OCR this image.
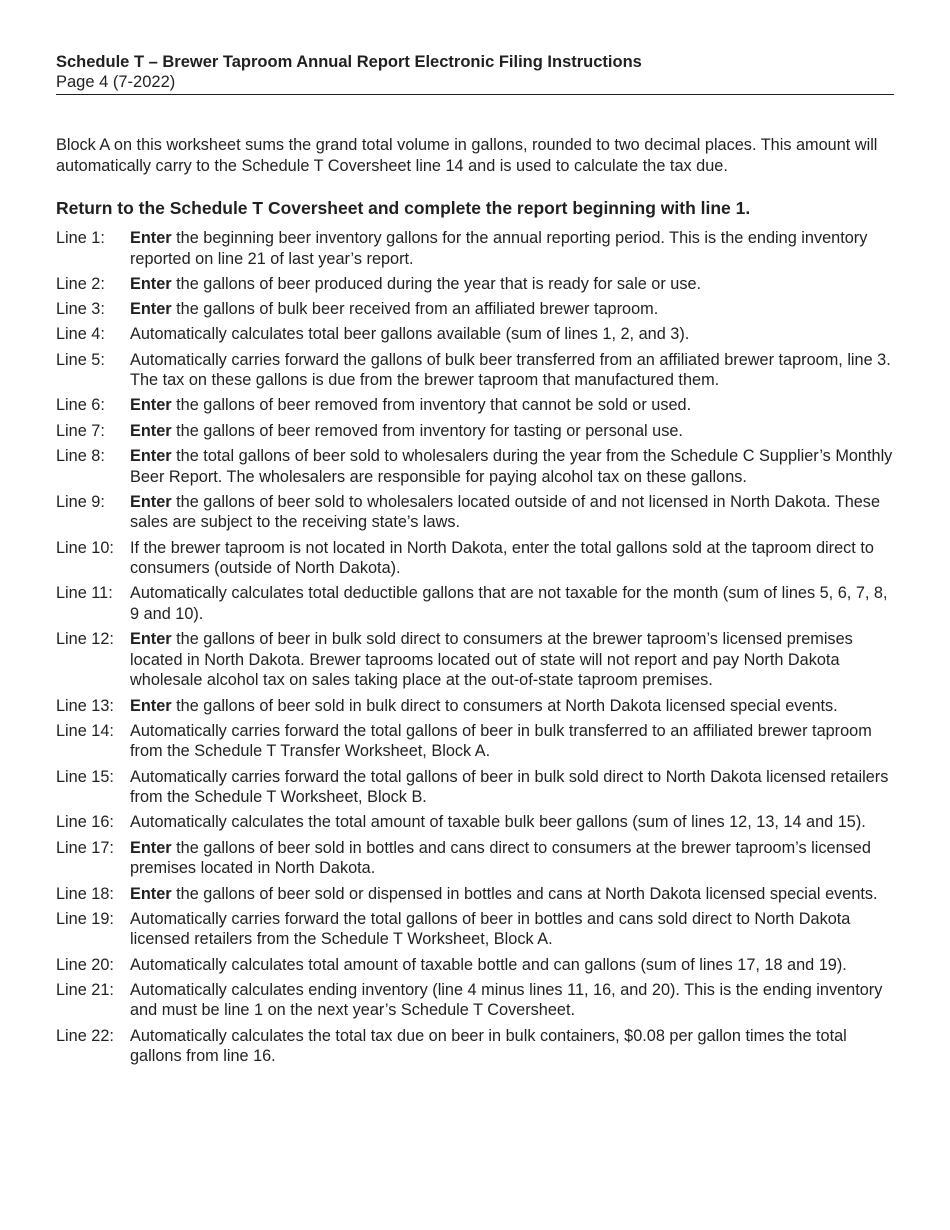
Schedule T – Brewer Taproom Annual Report Electronic Filing Instructions
Page 4 (7-2022)

Block A on this worksheet sums the grand total volume in gallons, rounded to two decimal places. This amount will automatically carry to the Schedule T Coversheet line 14 and is used to calculate the tax due.

Return to the Schedule T Coversheet and complete the report beginning with line 1.
Line 1:	Enter the beginning beer inventory gallons for the annual reporting period. This is the ending inventory reported on line 21 of last year’s report.
Line 2:	Enter the gallons of beer produced during the year that is ready for sale or use.
Line 3:	Enter the gallons of bulk beer received from an affiliated brewer taproom.
Line 4:	Automatically calculates total beer gallons available (sum of lines 1, 2, and 3).
Line 5:	Automatically carries forward the gallons of bulk beer transferred from an affiliated brewer taproom, line 3. The tax on these gallons is due from the brewer taproom that manufactured them.
Line 6:	Enter the gallons of beer removed from inventory that cannot be sold or used.
Line 7:	Enter the gallons of beer removed from inventory for tasting or personal use.
Line 8:	Enter the total gallons of beer sold to wholesalers during the year from the Schedule C Supplier’s Monthly Beer Report. The wholesalers are responsible for paying alcohol tax on these gallons.
Line 9:	Enter the gallons of beer sold to wholesalers located outside of and not licensed in North Dakota. These sales are subject to the receiving state’s laws.
Line 10: If the brewer taproom is not located in North Dakota, enter the total gallons sold at the taproom direct to consumers (outside of North Dakota).
Line 11:	Automatically calculates total deductible gallons that are not taxable for the month (sum of lines 5, 6, 7, 8, 9 and 10).
Line 12: Enter the gallons of beer in bulk sold direct to consumers at the brewer taproom’s licensed premises located in North Dakota. Brewer taprooms located out of state will not report and pay North Dakota wholesale alcohol tax on sales taking place at the out-of-state taproom premises.
Line 13: Enter the gallons of beer sold in bulk direct to consumers at North Dakota licensed special events.
Line 14: Automatically carries forward the total gallons of beer in bulk transferred to an affiliated brewer taproom from the Schedule T Transfer Worksheet, Block A.
Line 15: Automatically carries forward the total gallons of beer in bulk sold direct to North Dakota licensed retailers from the Schedule T Worksheet, Block B.
Line 16: Automatically calculates the total amount of taxable bulk beer gallons (sum of lines 12, 13, 14 and 15).
Line 17: Enter the gallons of beer sold in bottles and cans direct to consumers at the brewer taproom’s licensed premises located in North Dakota.
Line 18: Enter the gallons of beer sold or dispensed in bottles and cans at North Dakota licensed special events.
Line 19: Automatically carries forward the total gallons of beer in bottles and cans sold direct to North Dakota licensed retailers from the Schedule T Worksheet, Block A.
Line 20: Automatically calculates total amount of taxable bottle and can gallons (sum of lines 17, 18 and 19).
Line 21: Automatically calculates ending inventory (line 4 minus lines 11, 16, and 20). This is the ending inventory and must be line 1 on the next year’s Schedule T Coversheet.
Line 22: Automatically calculates the total tax due on beer in bulk containers, $0.08 per gallon times the total gallons from line 16.
